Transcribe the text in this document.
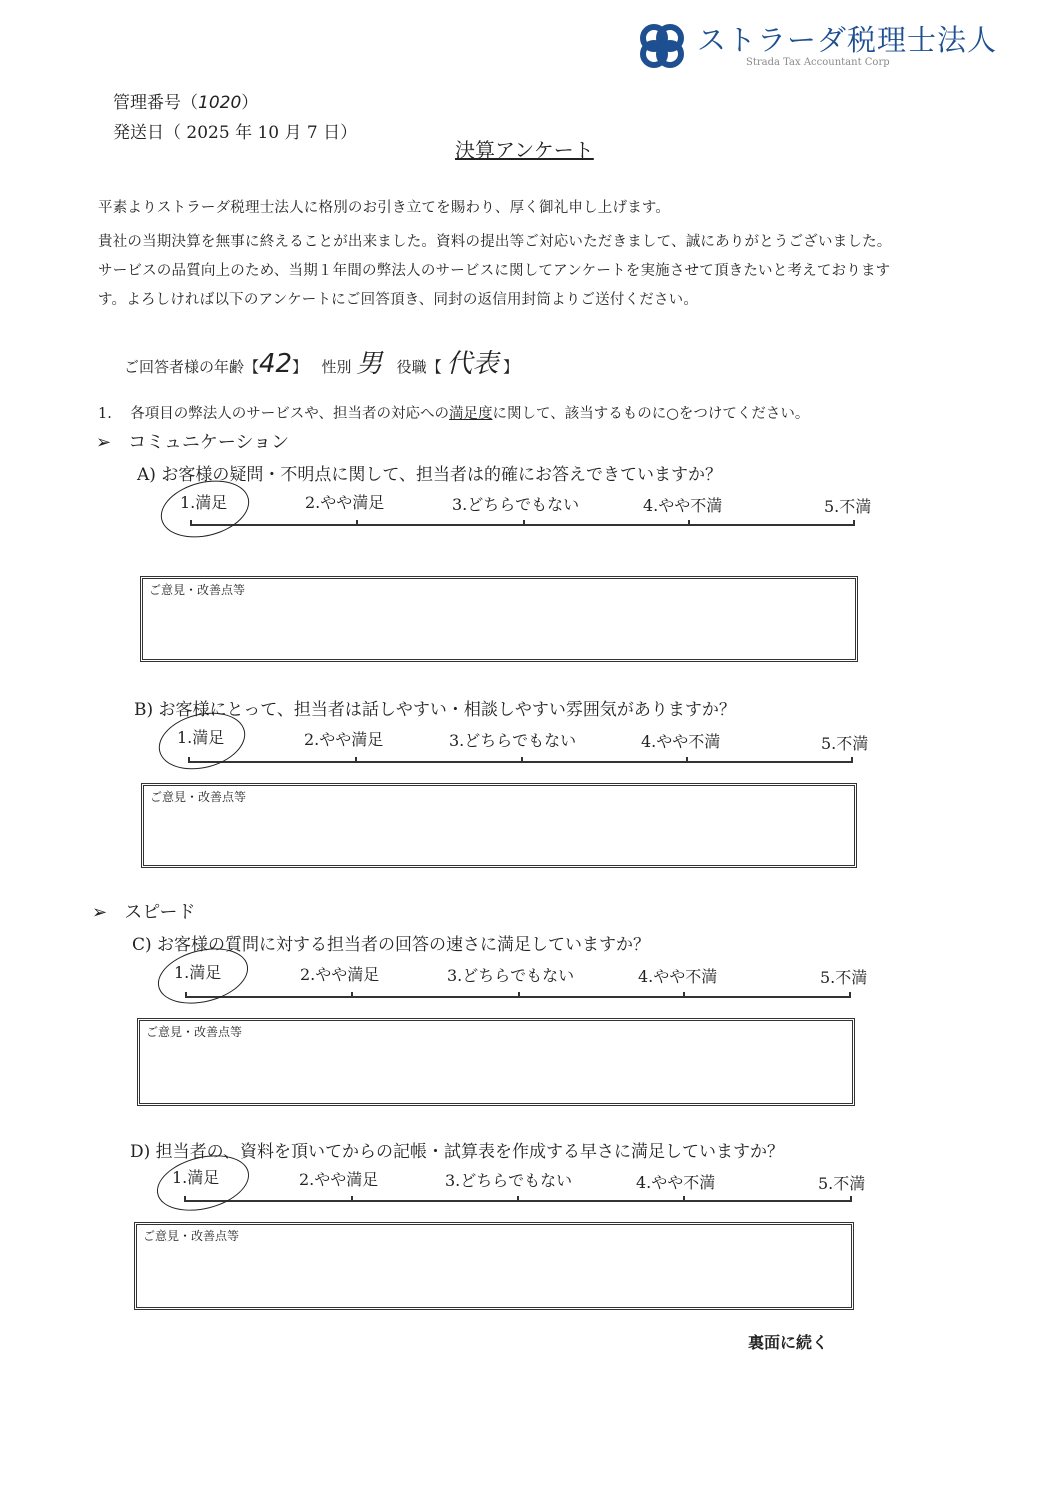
ストラーダ税理士法人
Strada Tax Accountant Corp
管理番号（1020）
発送日（ 2025 年 10 月 7 日）
決算アンケート
平素よりストラーダ税理士法人に格別のお引き立てを賜わり、厚く御礼申し上げます。
貴社の当期決算を無事に終えることが出来ました。資料の提出等ご対応いただきまして、誠にありがとうございました。
サービスの品質向上のため、当期１年間の弊法人のサービスに関してアンケートを実施させて頂きたいと考えております
す。よろしければ以下のアンケートにご回答頂き、同封の返信用封筒よりご送付ください。
ご回答者様の年齢【42】 性別 男 役職【 代表 】
1. 各項目の弊法人のサービスや、担当者の対応への満足度に関して、該当するものに○をつけてください。
➢ コミュニケーション
A) お客様の疑問・不明点に関して、担当者は的確にお答えできていますか？
1.満足	2.やや満足	3.どちらでもない	4.やや不満	5.不満
ご意見・改善点等
B) お客様にとって、担当者は話しやすい・相談しやすい雰囲気がありますか？
1.満足	2.やや満足	3.どちらでもない	4.やや不満	5.不満
ご意見・改善点等
➢ スピード
C) お客様の質問に対する担当者の回答の速さに満足していますか？
1.満足	2.やや満足	3.どちらでもない	4.やや不満	5.不満
ご意見・改善点等
D) 担当者の、資料を頂いてからの記帳・試算表を作成する早さに満足していますか？
1.満足	2.やや満足	3.どちらでもない	4.やや不満	5.不満
ご意見・改善点等
裏面に続く
